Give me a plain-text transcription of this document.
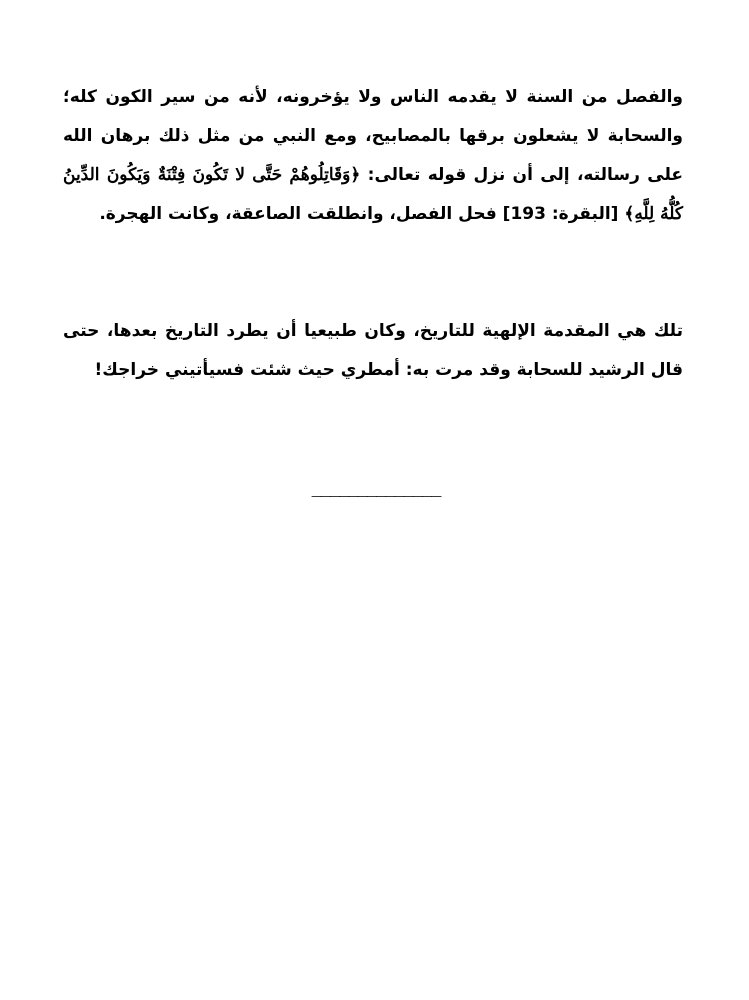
والفصل من السنة لا يقدمه الناس ولا يؤخرونه، لأنه من سير الكون كله؛ والسحابة لا يشعلون برقها بالمصابيح، ومع النبي من مثل ذلك برهان الله على رسالته، إلى أن نزل قوله تعالى: ﴿وَقَاتِلُوهُمْ حَتَّى لا تَكُونَ فِتْنَةٌ وَيَكُونَ الدِّينُ كُلُّهُ لِلَّهِ﴾ [البقرة: 193] فحل الفصل، وانطلقت الصاعقة، وكانت الهجرة.

تلك هي المقدمة الإلهية للتاريخ، وكان طبيعيا أن يطرد التاريخ بعدها، حتى قال الرشيد للسحابة وقد مرت به: أمطري حيث شئت فسيأتيني خراجك!

______________
